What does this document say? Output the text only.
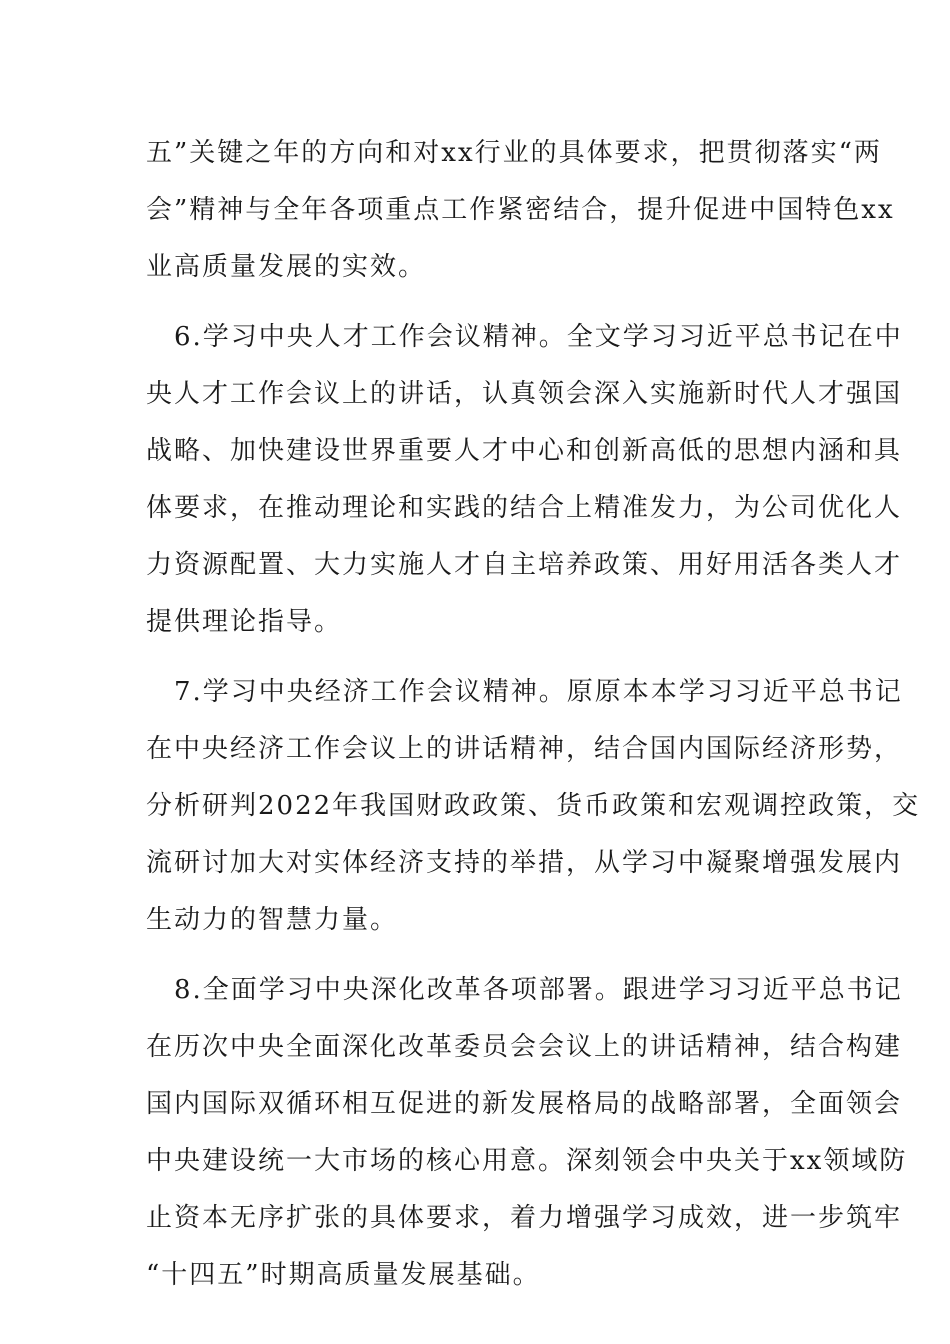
五”关键之年的方向和对xx行业的具体要求，把贯彻落实“两
会”精神与全年各项重点工作紧密结合，提升促进中国特色xx
业高质量发展的实效。
6.学习中央人才工作会议精神。全文学习习近平总书记在中
央人才工作会议上的讲话，认真领会深入实施新时代人才强国
战略、加快建设世界重要人才中心和创新高低的思想内涵和具
体要求，在推动理论和实践的结合上精准发力，为公司优化人
力资源配置、大力实施人才自主培养政策、用好用活各类人才
提供理论指导。
7.学习中央经济工作会议精神。原原本本学习习近平总书记
在中央经济工作会议上的讲话精神，结合国内国际经济形势，
分析研判2022年我国财政政策、货币政策和宏观调控政策，交
流研讨加大对实体经济支持的举措，从学习中凝聚增强发展内
生动力的智慧力量。
8.全面学习中央深化改革各项部署。跟进学习习近平总书记
在历次中央全面深化改革委员会会议上的讲话精神，结合构建
国内国际双循环相互促进的新发展格局的战略部署，全面领会
中央建设统一大市场的核心用意。深刻领会中央关于xx领域防
止资本无序扩张的具体要求，着力增强学习成效，进一步筑牢
“十四五”时期高质量发展基础。
